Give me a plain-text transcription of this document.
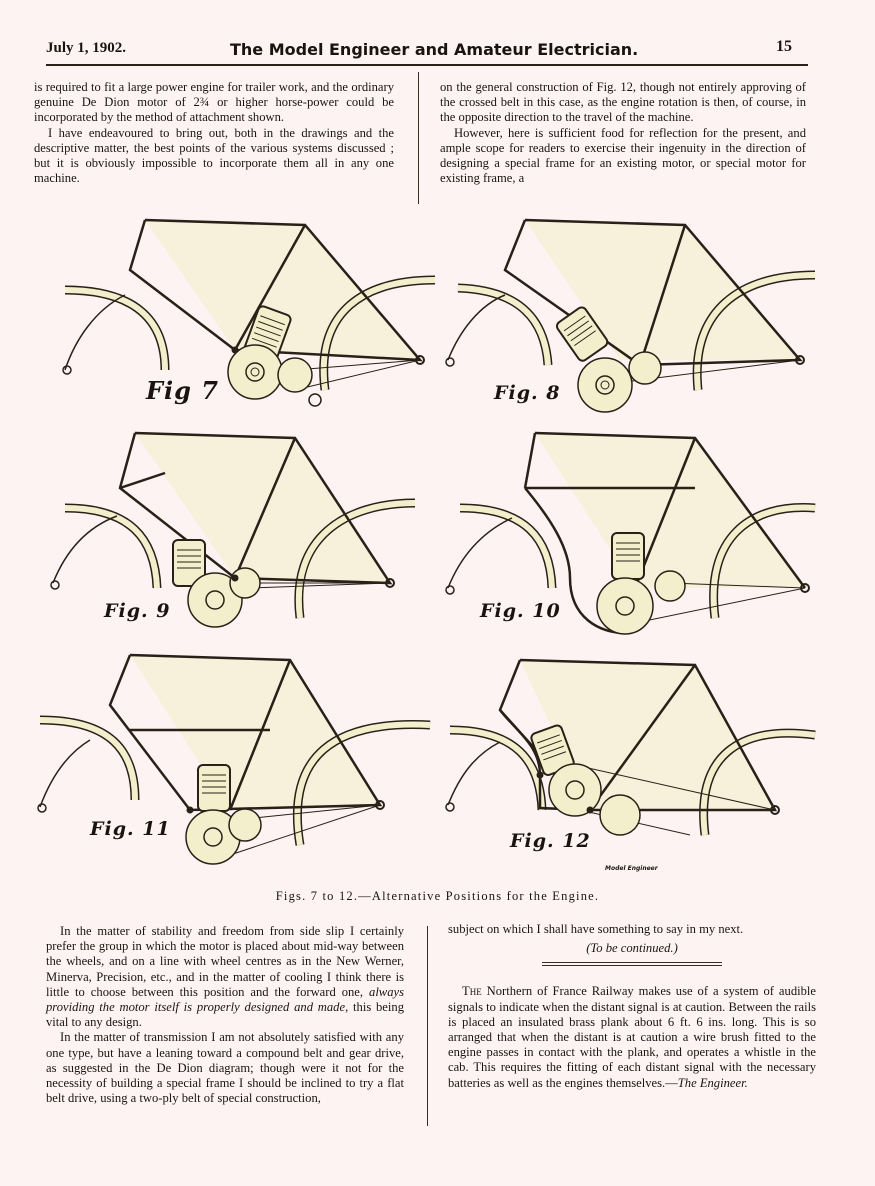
July 1, 1902.	The Model Engineer and Amateur Electrician.	15

is required to fit a large power engine for trailer work, and the ordinary genuine De Dion motor of 2¾ or higher horse-power could be incorporated by the method of attachment shown.

I have endeavoured to bring out, both in the drawings and the descriptive matter, the best points of the various systems discussed ; but it is obviously impossible to incorporate them all in any one machine.

on the general construction of Fig. 12, though not entirely approving of the crossed belt in this case, as the engine rotation is then, of course, in the opposite direction to the travel of the machine.

However, here is sufficient food for reflection for the present, and ample scope for readers to exercise their ingenuity in the direction of designing a special frame for an existing motor, or special motor for existing frame, a

Fig 7	Fig. 8
Fig. 9	Fig. 10
Fig. 11
Fig. 12
Model Engineer
Figs. 7 to 12.—Alternative Positions for the Engine.

In the matter of stability and freedom from side slip I certainly prefer the group in which the motor is placed about mid-way between the wheels, and on a line with wheel centres as in the New Werner, Minerva, Precision, etc., and in the matter of cooling I think there is little to choose between this position and the forward one, always providing the motor itself is properly designed and made, this being vital to any design.

In the matter of transmission I am not absolutely satisfied with any one type, but have a leaning toward a compound belt and gear drive, as suggested in the De Dion diagram; though were it not for the necessity of building a special frame I should be inclined to try a flat belt drive, using a two-ply belt of special construction,

subject on which I shall have something to say in my next.

(To be continued.)

The Northern of France Railway makes use of a system of audible signals to indicate when the distant signal is at caution. Between the rails is placed an insulated brass plank about 6 ft. 6 ins. long. This is so arranged that when the distant is at caution a wire brush fitted to the engine passes in contact with the plank, and operates a whistle in the cab. This requires the fitting of each distant signal with the necessary batteries as well as the engines themselves.—The Engineer.
